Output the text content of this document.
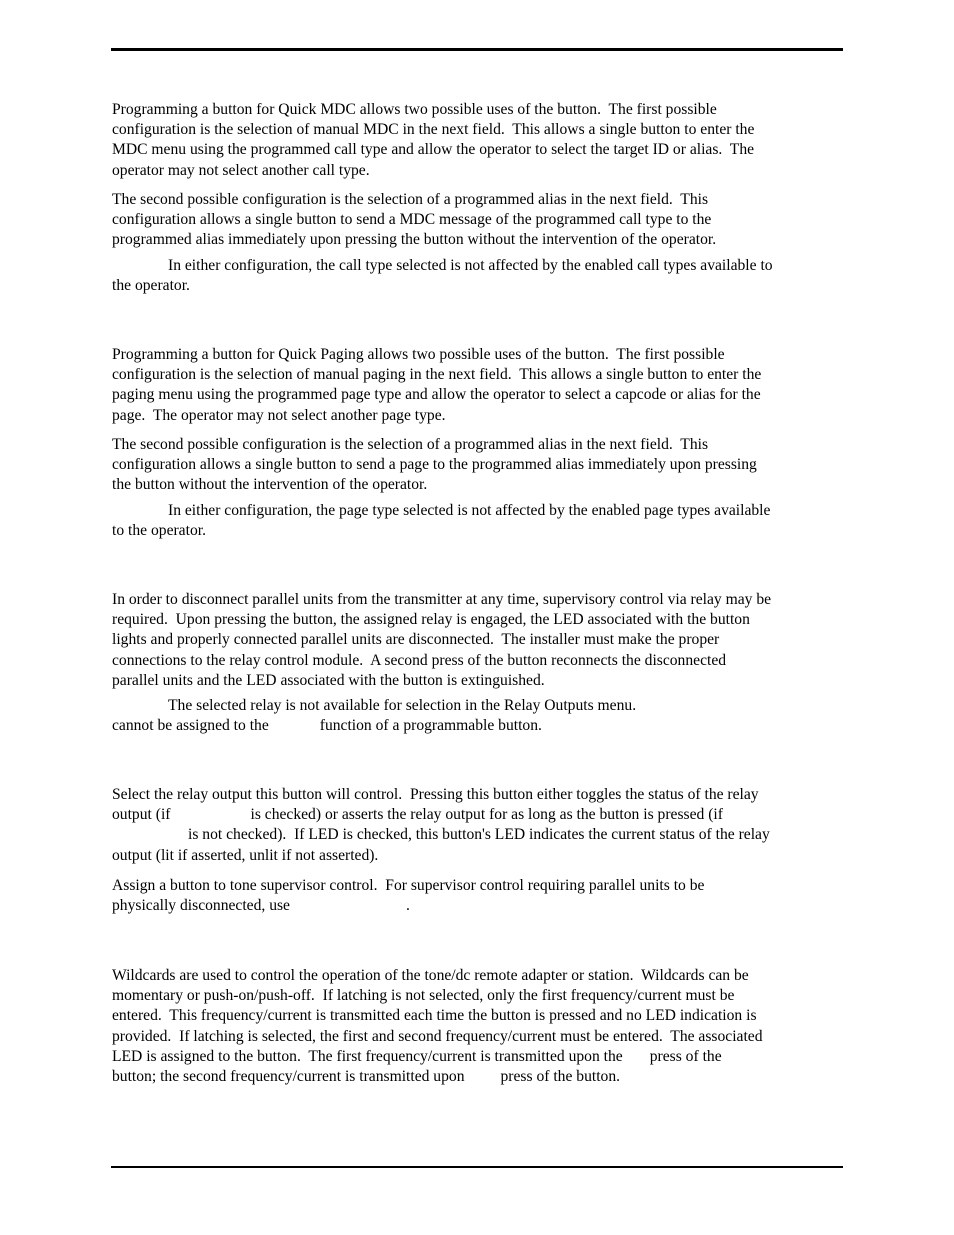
Programming a button for Quick MDC allows two possible uses of the button.  The first possible
configuration is the selection of manual MDC in the next field.  This allows a single button to enter the
MDC menu using the programmed call type and allow the operator to select the target ID or alias.  The
operator may not select another call type.
The second possible configuration is the selection of a programmed alias in the next field.  This
configuration allows a single button to send a MDC message of the programmed call type to the
programmed alias immediately upon pressing the button without the intervention of the operator.
In either configuration, the call type selected is not affected by the enabled call types available to
the operator.
Programming a button for Quick Paging allows two possible uses of the button.  The first possible
configuration is the selection of manual paging in the next field.  This allows a single button to enter the
paging menu using the programmed page type and allow the operator to select a capcode or alias for the
page.  The operator may not select another page type.
The second possible configuration is the selection of a programmed alias in the next field.  This
configuration allows a single button to send a page to the programmed alias immediately upon pressing
the button without the intervention of the operator.
In either configuration, the page type selected is not affected by the enabled page types available
to the operator.
In order to disconnect parallel units from the transmitter at any time, supervisory control via relay may be
required.  Upon pressing the button, the assigned relay is engaged, the LED associated with the button
lights and properly connected parallel units are disconnected.  The installer must make the proper
connections to the relay control module.  A second press of the button reconnects the disconnected
parallel units and the LED associated with the button is extinguished.
The selected relay is not available for selection in the Relay Outputs menu.
cannot be assigned to the	function of a programmable button.
Select the relay output this button will control.  Pressing this button either toggles the status of the relay
output (if	is checked) or asserts the relay output for as long as the button is pressed (if
is not checked).  If LED is checked, this button's LED indicates the current status of the relay
output (lit if asserted, unlit if not asserted).
Assign a button to tone supervisor control.  For supervisor control requiring parallel units to be
physically disconnected, use	.
Wildcards are used to control the operation of the tone/dc remote adapter or station.  Wildcards can be
momentary or push-on/push-off.  If latching is not selected, only the first frequency/current must be
entered.  This frequency/current is transmitted each time the button is pressed and no LED indication is
provided.  If latching is selected, the first and second frequency/current must be entered.  The associated
LED is assigned to the button.  The first frequency/current is transmitted upon the press of the
button; the second frequency/current is transmitted upon press of the button.
